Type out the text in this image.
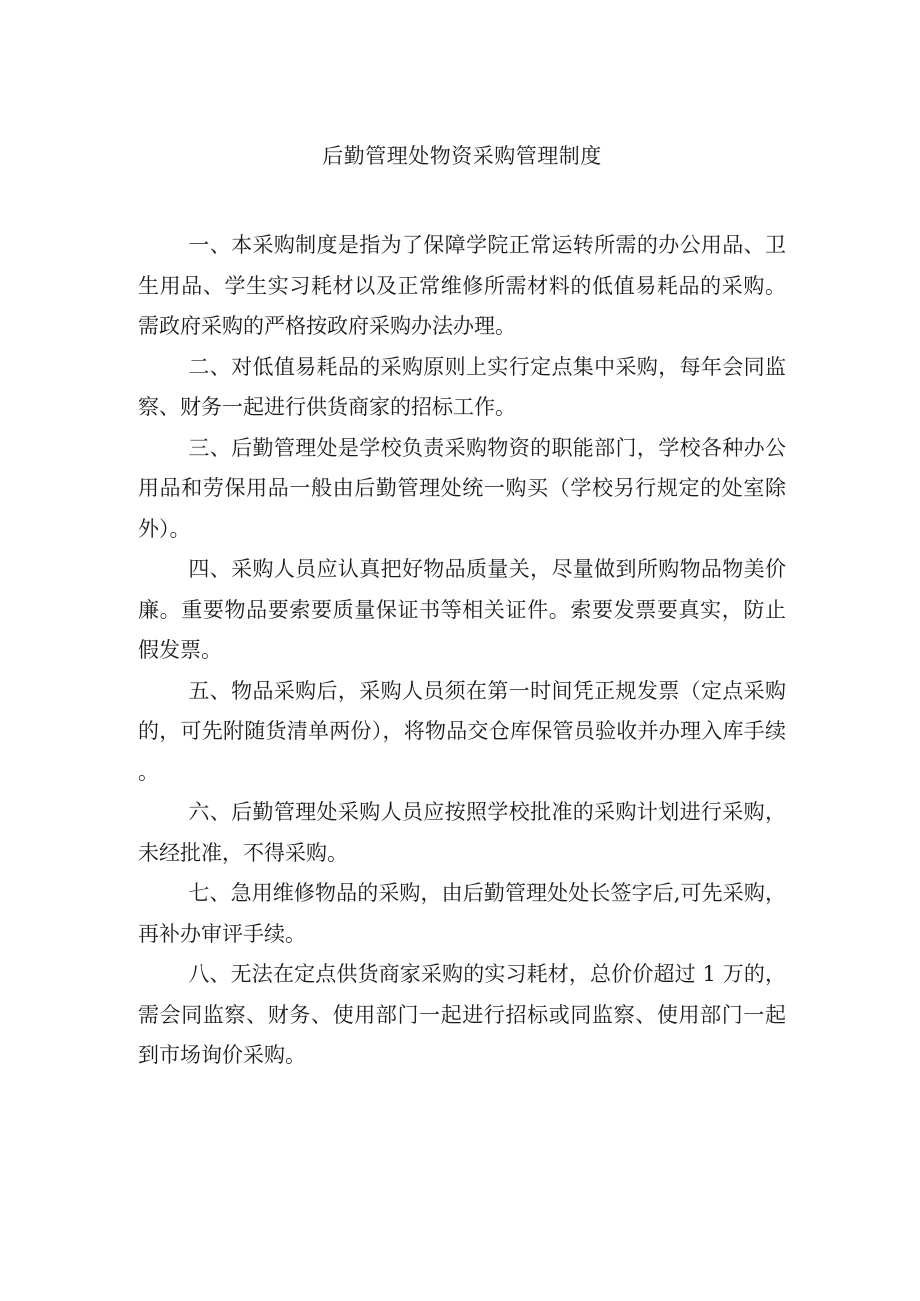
后勤管理处物资采购管理制度

一、本采购制度是指为了保障学院正常运转所需的办公用品、卫生用品、学生实习耗材以及正常维修所需材料的低值易耗品的采购。需政府采购的严格按政府采购办法办理。

二、对低值易耗品的采购原则上实行定点集中采购，每年会同监察、财务一起进行供货商家的招标工作。

三、后勤管理处是学校负责采购物资的职能部门，学校各种办公用品和劳保用品一般由后勤管理处统一购买（学校另行规定的处室除外）。

四、采购人员应认真把好物品质量关，尽量做到所购物品物美价廉。重要物品要索要质量保证书等相关证件。索要发票要真实，防止假发票。

五、物品采购后，采购人员须在第一时间凭正规发票（定点采购的，可先附随货清单两份），将物品交仓库保管员验收并办理入库手续。

六、后勤管理处采购人员应按照学校批准的采购计划进行采购，未经批准，不得采购。

七、急用维修物品的采购，由后勤管理处处长签字后,可先采购，再补办审评手续。

八、无法在定点供货商家采购的实习耗材，总价价超过 1 万的，需会同监察、财务、使用部门一起进行招标或同监察、使用部门一起到市场询价采购。
